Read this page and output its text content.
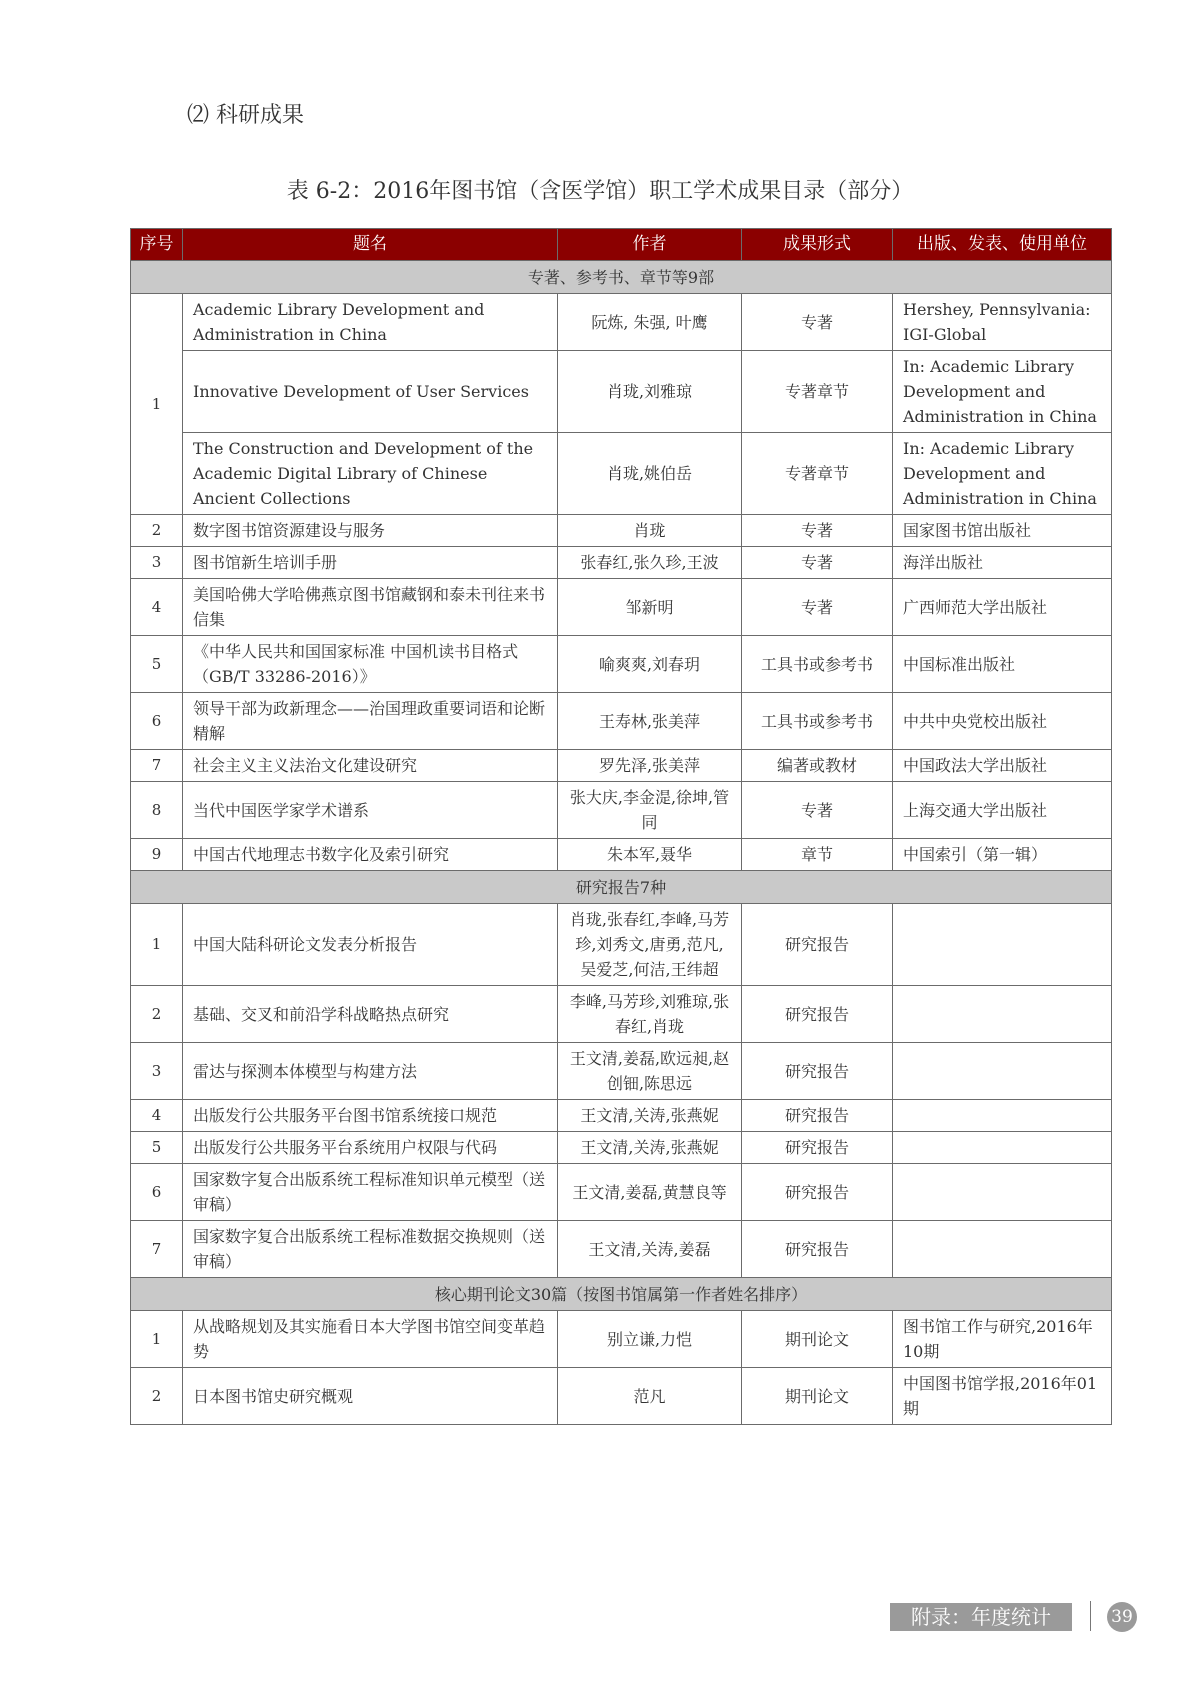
⑵ 科研成果
表 6-2：2016年图书馆（含医学馆）职工学术成果目录（部分）
序号	题名	作者	成果形式	出版、发表、使用单位
专著、参考书、章节等9部				
1	Academic Library Development and Administration in China	阮炼, 朱强, 叶鹰	专著	Hershey, Pennsylvania: IGI-Global
	Innovative Development of User Services	肖珑,刘雅琼	专著章节	In: Academic Library Development and Administration in China
	The Construction and Development of the Academic Digital Library of Chinese Ancient Collections	肖珑,姚伯岳	专著章节	In: Academic Library Development and Administration in China
2	数字图书馆资源建设与服务	肖珑	专著	国家图书馆出版社
3	图书馆新生培训手册	张春红,张久珍,王波	专著	海洋出版社
4	美国哈佛大学哈佛燕京图书馆藏钢和泰未刊往来书信集	邹新明	专著	广西师范大学出版社
5	《中华人民共和国国家标准 中国机读书目格式（GB/T 33286-2016）》	喻爽爽,刘春玥	工具书或参考书	中国标准出版社
6	领导干部为政新理念——治国理政重要词语和论断精解	王寿林,张美萍	工具书或参考书	中共中央党校出版社
7	社会主义主义法治文化建设研究	罗先泽,张美萍	编著或教材	中国政法大学出版社
8	当代中国医学家学术谱系	张大庆,李金湜,徐坤,管同	专著	上海交通大学出版社
9	中国古代地理志书数字化及索引研究	朱本军,聂华	章节	中国索引（第一辑）
研究报告7种				
1	中国大陆科研论文发表分析报告	肖珑,张春红,李峰,马芳珍,刘秀文,唐勇,范凡,吴爱芝,何洁,王纬超	研究报告	
2	基础、交叉和前沿学科战略热点研究	李峰,马芳珍,刘雅琼,张春红,肖珑	研究报告	
3	雷达与探测本体模型与构建方法	王文清,姜磊,欧远昶,赵创钿,陈思远	研究报告	
4	出版发行公共服务平台图书馆系统接口规范	王文清,关涛,张燕妮	研究报告	
5	出版发行公共服务平台系统用户权限与代码	王文清,关涛,张燕妮	研究报告	
6	国家数字复合出版系统工程标准知识单元模型（送审稿）	王文清,姜磊,黄慧良等	研究报告	
7	国家数字复合出版系统工程标准数据交换规则（送审稿）	王文清,关涛,姜磊	研究报告	
核心期刊论文30篇（按图书馆属第一作者姓名排序）				
1	从战略规划及其实施看日本大学图书馆空间变革趋势	别立谦,力恺	期刊论文	图书馆工作与研究,2016年10期
2	日本图书馆史研究概观	范凡	期刊论文	中国图书馆学报,2016年01期
附录：年度统计	39
